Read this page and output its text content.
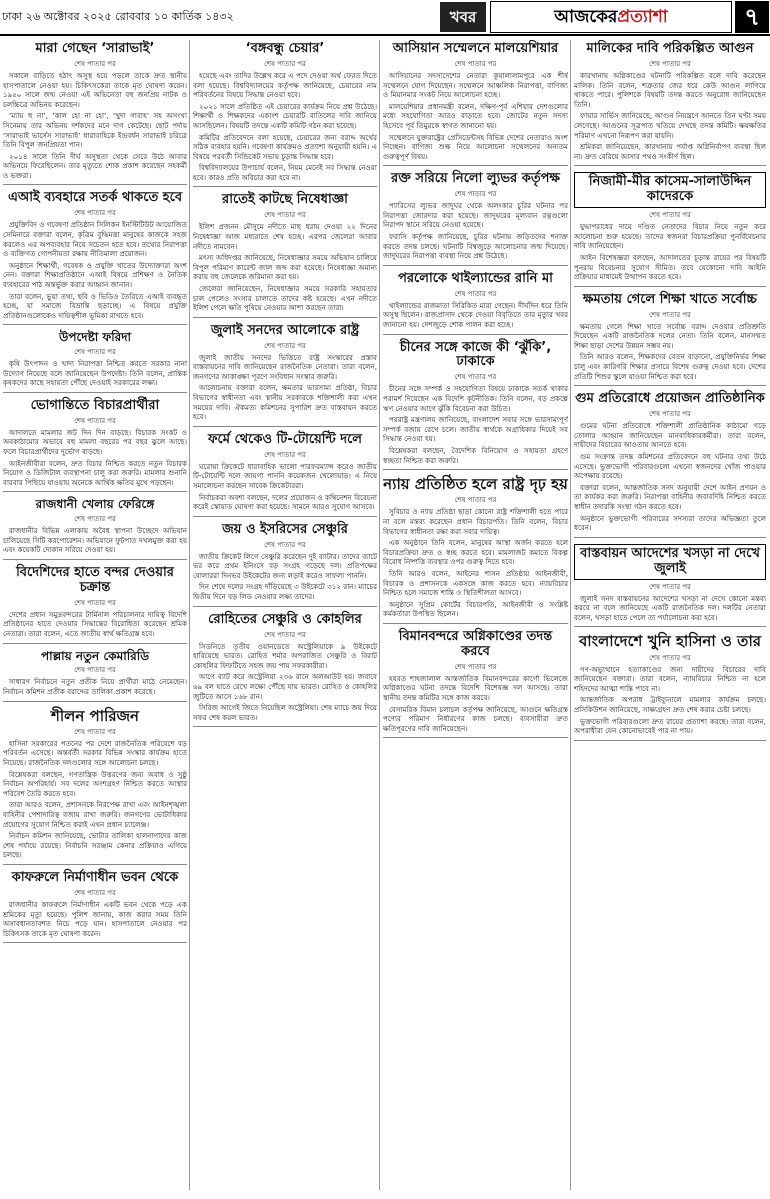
ঢাকা ২৬ অক্টোবর ২০২৫ রোববার ১০ কার্তিক ১৪৩২	খবর	আজকেরপ্রত্যাশা	৭
মারা গেছেন ‘সারাভাই’
শেষ পাতার পর

সকালে বাড়িতে হঠাৎ অসুস্থ হয়ে পড়লে তাকে দ্রুত স্থানীয় হাসপাতালে নেওয়া হয়। চিকিৎসকেরা তাকে মৃত ঘোষণা করেন। ১৯৫০ সালে জন্ম নেওয়া এই অভিনেতা বহু জনপ্রিয় নাটক ও চলচ্চিত্রে অভিনয় করেছেন।

‘ম্যায় হু না’, ‘কাল হো না হো’, ‘খুদা গাবাহ’ সহ অসংখ্য সিনেমায় তার অভিনয় দর্শকদের মনে দাগ কেটেছে। ছোট পর্দায় ‘সারাভাই ভার্সেস সারাভাই’ ধারাবাহিকে ইন্দ্রবর্ধন সারাভাই চরিত্রে তিনি বিপুল জনপ্রিয়তা পান।

২০১৪ সালে তিনি দীর্ঘ অসুস্থতা থেকে সেরে উঠে আবার অভিনয়ে ফিরেছিলেন। তার মৃত্যুতে শোক প্রকাশ করেছেন সহকর্মী ও ভক্তরা।

এআই ব্যবহারে সতর্ক থাকতে হবে
শেষ পাতার পর

প্রযুক্তিবিদ ও গবেষণা প্রতিষ্ঠান সিলিকন ইনস্টিটিউট আয়োজিত সেমিনারে বক্তারা বলেন, কৃত্রিম বুদ্ধিমত্তা মানুষের কাজকে সহজ করলেও এর অপব্যবহার নিয়ে সচেতন হতে হবে। তথ্যের নিরাপত্তা ও ব্যক্তিগত গোপনীয়তা রক্ষায় নীতিমালা প্রয়োজন।

অনুষ্ঠানে শিক্ষার্থী, গবেষক ও প্রযুক্তি খাতের উদ্যোক্তারা অংশ নেন। বক্তারা শিক্ষাপ্রতিষ্ঠানে এআই বিষয়ে প্রশিক্ষণ ও নৈতিক ব্যবহারের পাঠ অন্তর্ভুক্ত করার আহ্বান জানান।

তারা বলেন, ভুয়া তথ্য, ছবি ও ভিডিও তৈরিতে এআই ব্যবহৃত হচ্ছে, যা সমাজে বিভ্রান্তি ছড়াচ্ছে। এ বিষয়ে প্রযুক্তি প্রতিষ্ঠানগুলোকেও দায়িত্বশীল ভূমিকা রাখতে হবে।

উপদেষ্টা ফরিদা
শেষ পাতার পর

কৃষি উৎপাদন ও খাদ্য নিরাপত্তা নিশ্চিত করতে সরকার নানা উদ্যোগ নিয়েছে বলে জানিয়েছেন উপদেষ্টা। তিনি বলেন, প্রান্তিক কৃষকদের কাছে সহায়তা পৌঁছে দেওয়াই সরকারের লক্ষ্য।

ভোগান্তিতে বিচারপ্রার্থীরা
শেষ পাতার পর

আদালতে মামলার জট দিন দিন বাড়ছে। বিচারক সংকট ও অবকাঠামোর অভাবে বহু মামলা বছরের পর বছর ঝুলে আছে। ফলে বিচারপ্রার্থীদের দুর্ভোগ বাড়ছে।

আইনজীবীরা বলেন, দ্রুত বিচার নিশ্চিত করতে নতুন বিচারক নিয়োগ ও ডিজিটাল ব্যবস্থাপনা চালু করা জরুরি। মামলার শুনানি বারবার পিছিয়ে যাওয়ায় অনেকে আর্থিক ক্ষতির মুখে পড়ছেন।

রাজধানী খেলায় ফেরিঙ্গে
শেষ পাতার পর

রাজধানীর বিভিন্ন এলাকায় অবৈধ স্থাপনা উচ্ছেদে অভিযান চালিয়েছে সিটি করপোরেশন। অভিযানে ফুটপাত দখলমুক্ত করা হয় এবং কয়েকটি দোকান সরিয়ে দেওয়া হয়।

বিদেশিদের হাতে বন্দর দেওয়ার চক্রান্ত
শেষ পাতার পর

দেশের প্রধান সমুদ্রবন্দরের টার্মিনাল পরিচালনার দায়িত্ব বিদেশি প্রতিষ্ঠানের হাতে দেওয়ার সিদ্ধান্তের বিরোধিতা করেছেন শ্রমিক নেতারা। তারা বলেন, এতে জাতীয় স্বার্থ ক্ষতিগ্রস্ত হবে।

পাল্লায় নতুন কেমারিডি
শেষ পাতার পর

সাধারণ নির্বাচনে নতুন প্রতীক নিয়ে প্রার্থীরা মাঠে নেমেছেন। নির্বাচন কমিশন প্রতীক বরাদ্দের তালিকা প্রকাশ করেছে।

শীলন পারিজন
শেষ পাতার পর

হাসিনা সরকারের পতনের পর দেশে রাজনৈতিক পরিবেশে বড় পরিবর্তন এসেছে। অন্তর্বর্তী সরকার বিভিন্ন সংস্কার কার্যক্রম হাতে নিয়েছে। রাজনৈতিক দলগুলোর সঙ্গে আলোচনা চলছে।

বিশ্লেষকরা বলছেন, গণতান্ত্রিক উত্তরণের জন্য অবাধ ও সুষ্ঠু নির্বাচন অপরিহার্য। সব দলের অংশগ্রহণ নিশ্চিত করতে আস্থার পরিবেশ তৈরি করতে হবে।

তারা আরও বলেন, প্রশাসনকে নিরপেক্ষ রাখা এবং আইনশৃঙ্খলা বাহিনীর পেশাদারিত্ব বজায় রাখা জরুরি। জনগণের ভোটাধিকার প্রয়োগের সুযোগ নিশ্চিত করাই এখন প্রধান চ্যালেঞ্জ।

নির্বাচন কমিশন জানিয়েছে, ভোটার তালিকা হালনাগাদের কাজ শেষ পর্যায়ে রয়েছে। নির্বাচনি সরঞ্জাম কেনার প্রক্রিয়াও এগিয়ে চলছে।

কাফরুলে নির্মাণাধীন ভবন থেকে
শেষ পাতার পর

রাজধানীর কাফরুলে নির্মাণাধীন একটি ভবন থেকে পড়ে এক শ্রমিকের মৃত্যু হয়েছে। পুলিশ জানায়, কাজ করার সময় তিনি অসাবধানতাবশত নিচে পড়ে যান। হাসপাতালে নেওয়ার পর চিকিৎসক তাকে মৃত ঘোষণা করেন।

‘বঙ্গবন্ধু চেয়ার’
শেষ পাতার পর

হয়েছে এবং তাদির উল্লেখ করে এ পদে দেওয়া অর্থ ফেরত দিতে বলা হয়েছে। বিশ্ববিদ্যালয়ের কর্তৃপক্ষ জানিয়েছে, চেয়ারের নাম পরিবর্তনের বিষয়ে সিদ্ধান্ত নেওয়া হবে।

২০২১ সালে প্রতিষ্ঠিত এই চেয়ারের কার্যক্রম নিয়ে প্রশ্ন উঠেছে। শিক্ষার্থী ও শিক্ষকদের একাংশ চেয়ারটি বাতিলের দাবি জানিয়ে আসছিলেন। বিষয়টি তদন্তে একটি কমিটি গঠন করা হয়েছে।

কমিটির প্রতিবেদনে বলা হয়েছে, চেয়ারের জন্য বরাদ্দ অর্থের সঠিক ব্যবহার হয়নি। গবেষণা কার্যক্রমও প্রত্যাশা অনুযায়ী হয়নি। এ বিষয়ে পরবর্তী সিন্ডিকেট সভায় চূড়ান্ত সিদ্ধান্ত হবে।

বিশ্ববিদ্যালয়ের উপাচার্য বলেন, নিয়ম মেনেই সব সিদ্ধান্ত নেওয়া হবে। কারও প্রতি অবিচার করা হবে না।

রাতেই কাটছে নিষেধাজ্ঞা
শেষ পাতার পর

ইলিশ প্রজনন মৌসুমে নদীতে মাছ ধরায় দেওয়া ২২ দিনের নিষেধাজ্ঞা আজ মধ্যরাতে শেষ হচ্ছে। এরপর জেলেরা আবার নদীতে নামবেন।

মৎস্য অধিদপ্তর জানিয়েছে, নিষেধাজ্ঞার সময়ে অভিযান চালিয়ে বিপুল পরিমাণ কারেন্ট জাল জব্দ করা হয়েছে। নিষেধাজ্ঞা অমান্য করায় বহু জেলেকে জরিমানা করা হয়।

জেলেরা জানিয়েছেন, নিষেধাজ্ঞার সময়ে সরকারি সহায়তার চাল পেলেও সংসার চালাতে তাদের কষ্ট হয়েছে। এখন নদীতে ইলিশ পেলে ক্ষতি পুষিয়ে নেওয়ার আশা করছেন তারা।

জুলাই সনদের আলোকে রাষ্ট্র
শেষ পাতার পর

জুলাই জাতীয় সনদের ভিত্তিতে রাষ্ট্র সংস্কারের প্রস্তাব বাস্তবায়নের দাবি জানিয়েছেন রাজনৈতিক নেতারা। তারা বলেন, জনগণের আকাঙ্ক্ষা পূরণে সংবিধান সংস্কার জরুরি।

আলোচনায় বক্তারা বলেন, ক্ষমতার ভারসাম্য প্রতিষ্ঠা, বিচার বিভাগের স্বাধীনতা এবং স্থানীয় সরকারকে শক্তিশালী করা এখন সময়ের দাবি। ঐকমত্য কমিশনের সুপারিশ দ্রুত বাস্তবায়ন করতে হবে।

ফর্মে থেকেও টি-টোয়েন্টি দলে
শেষ পাতার পর

ঘরোয়া ক্রিকেটে ধারাবাহিক ভালো পারফরম্যান্স করেও জাতীয় টি-টোয়েন্টি দলে জায়গা পাননি কয়েকজন খেলোয়াড়। এ নিয়ে সমালোচনা করছেন সাবেক ক্রিকেটাররা।

নির্বাচকরা অবশ্য বলছেন, দলের প্রয়োজন ও কম্বিনেশন বিবেচনা করেই স্কোয়াড ঘোষণা করা হয়েছে। সামনে আরও সুযোগ আসবে।

জয় ও ইসরিসের সেঞ্চুরি
শেষ পাতার পর

জাতীয় ক্রিকেট লিগে সেঞ্চুরি করেছেন দুই ব্যাটার। তাদের ব্যাটে ভর করে প্রথম ইনিংসে বড় সংগ্রহ গড়েছে দল। প্রতিপক্ষের বোলাররা দিনভর উইকেটের জন্য লড়াই করেও সাফল্য পাননি।

দিন শেষে দলের সংগ্রহ দাঁড়িয়েছে ৩ উইকেটে ৩১২ রান। ম্যাচের দ্বিতীয় দিনে বড় লিড নেওয়ার লক্ষ্য তাদের।

রোহিতের সেঞ্চুরি ও কোহলির
শেষ পাতার পর

সিডনিতে তৃতীয় ওয়ানডেতে অস্ট্রেলিয়াকে ৯ উইকেটে হারিয়েছে ভারত। রোহিত শর্মার অপরাজিত সেঞ্চুরি ও বিরাট কোহলির ফিফটিতে সহজ জয় পায় সফরকারীরা।

আগে ব্যাট করে অস্ট্রেলিয়া ২৩৬ রানে অলআউট হয়। জবাবে ৬৯ বল হাতে রেখে লক্ষ্যে পৌঁছে যায় ভারত। রোহিত ও কোহলির জুটিতে আসে ১৬৮ রান।

সিরিজ আগেই জিতে নিয়েছিল অস্ট্রেলিয়া। শেষ ম্যাচে জয় দিয়ে সফর শেষ করল ভারত।

আসিয়ান সম্মেলনে মালয়েশিয়ার
শেষ পাতার পর

আসিয়ানের সদস্যদেশের নেতারা কুয়ালালামপুরে এক শীর্ষ সম্মেলনে যোগ দিয়েছেন। সম্মেলনে আঞ্চলিক নিরাপত্তা, বাণিজ্য ও মিয়ানমার সংকট নিয়ে আলোচনা হচ্ছে।

মালয়েশিয়ার প্রধানমন্ত্রী বলেন, দক্ষিণ-পূর্ব এশিয়ার দেশগুলোর মধ্যে সহযোগিতা আরও বাড়াতে হবে। জোটের নতুন সদস্য হিসেবে পূর্ব তিমুরকে স্বাগত জানানো হয়।

সম্মেলনে যুক্তরাষ্ট্রের প্রেসিডেন্টসহ বিভিন্ন দেশের নেতারাও অংশ নিচ্ছেন। বাণিজ্য শুল্ক নিয়ে আলোচনা সম্মেলনের অন্যতম গুরুত্বপূর্ণ বিষয়।

রক্ত সরিয়ে নিলো ল্যুভর কর্তৃপক্ষ
শেষ পাতার পর

প্যারিসের ল্যুভর জাদুঘর থেকে অলংকার চুরির ঘটনার পর নিরাপত্তা জোরদার করা হয়েছে। জাদুঘরের মূল্যবান রত্নগুলো নিরাপদ স্থানে সরিয়ে নেওয়া হয়েছে।

ফরাসি কর্তৃপক্ষ জানিয়েছে, চুরির ঘটনায় জড়িতদের শনাক্ত করতে তদন্ত চলছে। ঘটনাটি বিশ্বজুড়ে আলোচনার জন্ম দিয়েছে। জাদুঘরের নিরাপত্তা ব্যবস্থা নিয়ে প্রশ্ন উঠেছে।

পরলোকে থাইল্যান্ডের রানি মা
শেষ পাতার পর

থাইল্যান্ডের রাজমাতা সিরিকিত মারা গেছেন। দীর্ঘদিন ধরে তিনি অসুস্থ ছিলেন। রাজপ্রাসাদ থেকে দেওয়া বিবৃতিতে তার মৃত্যুর খবর জানানো হয়। দেশজুড়ে শোক পালন করা হচ্ছে।

চীনের সঙ্গে কাজে কী ‘ঝুঁকি’, ঢাকাকে
শেষ পাতার পর

চীনের সঙ্গে সম্পর্ক ও সহযোগিতা বিষয়ে ঢাকাকে সতর্ক থাকার পরামর্শ দিয়েছেন এক বিদেশি কূটনীতিক। তিনি বলেন, বড় প্রকল্পে ঋণ নেওয়ার আগে ঝুঁকি বিবেচনা করা উচিত।

পররাষ্ট্র মন্ত্রণালয় জানিয়েছে, বাংলাদেশ সবার সঙ্গে ভারসাম্যপূর্ণ সম্পর্ক বজায় রেখে চলে। জাতীয় স্বার্থকে অগ্রাধিকার দিয়েই সব সিদ্ধান্ত নেওয়া হয়।

বিশ্লেষকরা বলছেন, বৈদেশিক বিনিয়োগ ও সহায়তা গ্রহণে স্বচ্ছতা নিশ্চিত করা জরুরি।

ন্যায় প্রতিষ্ঠিত হলে রাষ্ট্র দৃঢ় হয়
শেষ পাতার পর

সুবিচার ও ন্যায় প্রতিষ্ঠা ছাড়া কোনো রাষ্ট্র শক্তিশালী হতে পারে না বলে মন্তব্য করেছেন প্রধান বিচারপতি। তিনি বলেন, বিচার বিভাগের স্বাধীনতা রক্ষা করা সবার দায়িত্ব।

এক অনুষ্ঠানে তিনি বলেন, মানুষের আস্থা অর্জন করতে হলে বিচারপ্রক্রিয়া দ্রুত ও স্বচ্ছ করতে হবে। মামলাজট কমাতে বিকল্প বিরোধ নিষ্পত্তি ব্যবস্থার ওপর গুরুত্ব দিতে হবে।

তিনি আরও বলেন, আইনের শাসন প্রতিষ্ঠায় আইনজীবী, বিচারক ও প্রশাসনকে একসঙ্গে কাজ করতে হবে। ন্যায়বিচার নিশ্চিত হলে সমাজে শান্তি ও স্থিতিশীলতা আসবে।

অনুষ্ঠানে সুপ্রিম কোর্টের বিচারপতি, আইনজীবী ও সংশ্লিষ্ট কর্মকর্তারা উপস্থিত ছিলেন।

বিমানবন্দরে অগ্নিকাণ্ডের তদন্ত করবে
শেষ পাতার পর

হযরত শাহজালাল আন্তর্জাতিক বিমানবন্দরের কার্গো ভিলেজে অগ্নিকাণ্ডের ঘটনা তদন্তে বিদেশি বিশেষজ্ঞ দল আসছে। তারা স্থানীয় তদন্ত কমিটির সঙ্গে কাজ করবে।

বেসামরিক বিমান চলাচল কর্তৃপক্ষ জানিয়েছে, আগুনে ক্ষতিগ্রস্ত পণ্যের পরিমাণ নির্ধারণের কাজ চলছে। ব্যবসায়ীরা দ্রুত ক্ষতিপূরণের দাবি জানিয়েছেন।

মালিকের দাবি পরিকল্পিত আগুন
শেষ পাতার পর

কারখানায় অগ্নিকাণ্ডের ঘটনাটি পরিকল্পিত বলে দাবি করেছেন মালিক। তিনি বলেন, শত্রুতার জের ধরে কেউ আগুন লাগিয়ে থাকতে পারে। পুলিশকে বিষয়টি তদন্ত করতে অনুরোধ জানিয়েছেন তিনি।

ফায়ার সার্ভিস জানিয়েছে, আগুন নিয়ন্ত্রণে আনতে তিন ঘণ্টা সময় লেগেছে। আগুনের সূত্রপাত খতিয়ে দেখছে তদন্ত কমিটি। ক্ষয়ক্ষতির পরিমাণ এখনো নিরূপণ করা যায়নি।

শ্রমিকরা জানিয়েছেন, কারখানায় পর্যাপ্ত অগ্নিনির্বাপণ ব্যবস্থা ছিল না। দ্রুত বেরিয়ে আসার পথও সংকীর্ণ ছিল।

নিজামী-মীর কাসেম-সালাউদ্দিন কাদেরকে
শেষ পাতার পর

যুদ্ধাপরাধের দায়ে দণ্ডিত নেতাদের বিচার নিয়ে নতুন করে আলোচনা শুরু হয়েছে। তাদের স্বজনরা বিচারপ্রক্রিয়া পুনর্বিবেচনার দাবি জানিয়েছেন।

আইন বিশেষজ্ঞরা বলছেন, আদালতের চূড়ান্ত রায়ের পর বিষয়টি পুনরায় বিবেচনার সুযোগ সীমিত। তবে যেকোনো দাবি আইনি প্রক্রিয়ার মাধ্যমেই উত্থাপন করতে হবে।

ক্ষমতায় গেলে শিক্ষা খাতে সর্বোচ্চ
শেষ পাতার পর

ক্ষমতায় গেলে শিক্ষা খাতে সর্বোচ্চ বরাদ্দ দেওয়ার প্রতিশ্রুতি দিয়েছেন একটি রাজনৈতিক দলের নেতা। তিনি বলেন, মানসম্মত শিক্ষা ছাড়া দেশের উন্নয়ন সম্ভব নয়।

তিনি আরও বলেন, শিক্ষকদের বেতন বাড়ানো, প্রযুক্তিনির্ভর শিক্ষা চালু এবং কারিগরি শিক্ষার প্রসারে বিশেষ গুরুত্ব দেওয়া হবে। দেশের প্রতিটি শিশুর স্কুলে যাওয়া নিশ্চিত করা হবে।

গুম প্রতিরোধে প্রয়োজন প্রাতিষ্ঠানিক
শেষ পাতার পর

গুমের ঘটনা প্রতিরোধে শক্তিশালী প্রাতিষ্ঠানিক কাঠামো গড়ে তোলার আহ্বান জানিয়েছেন মানবাধিকারকর্মীরা। তারা বলেন, দায়ীদের বিচারের আওতায় আনতে হবে।

গুম সংক্রান্ত তদন্ত কমিশনের প্রতিবেদনে বহু ঘটনার তথ্য উঠে এসেছে। ভুক্তভোগী পরিবারগুলো এখনো স্বজনদের খোঁজ পাওয়ার অপেক্ষায় রয়েছে।

বক্তারা বলেন, আন্তর্জাতিক সনদ অনুযায়ী দেশে আইন প্রণয়ন ও তা কার্যকর করা জরুরি। নিরাপত্তা বাহিনীর জবাবদিহি নিশ্চিত করতে স্বাধীন তদারকি সংস্থা গঠন করতে হবে।

অনুষ্ঠানে ভুক্তভোগী পরিবারের সদস্যরা তাদের অভিজ্ঞতা তুলে ধরেন।

বাস্তবায়ন আদেশের খসড়া না দেখে জুলাই
শেষ পাতার পর

জুলাই সনদ বাস্তবায়নের আদেশের খসড়া না দেখে কোনো মন্তব্য করবে না বলে জানিয়েছে একটি রাজনৈতিক দল। দলটির নেতারা বলেন, খসড়া হাতে পেলে তা পর্যালোচনা করা হবে।

বাংলাদেশে খুনি হাসিনা ও তার
শেষ পাতার পর

গণ-অভ্যুত্থানে হত্যাকাণ্ডের জন্য দায়ীদের বিচারের দাবি জানিয়েছেন বক্তারা। তারা বলেন, ন্যায়বিচার নিশ্চিত না হলে শহিদদের আত্মা শান্তি পাবে না।

আন্তর্জাতিক অপরাধ ট্রাইব্যুনালে মামলার কার্যক্রম চলছে। প্রসিকিউশন জানিয়েছে, সাক্ষ্যগ্রহণ দ্রুত শেষ করার চেষ্টা চলছে।

ভুক্তভোগী পরিবারগুলো দ্রুত রায়ের প্রত্যাশা করছে। তারা বলেন, অপরাধীরা যেন কোনোভাবেই পার না পায়।
